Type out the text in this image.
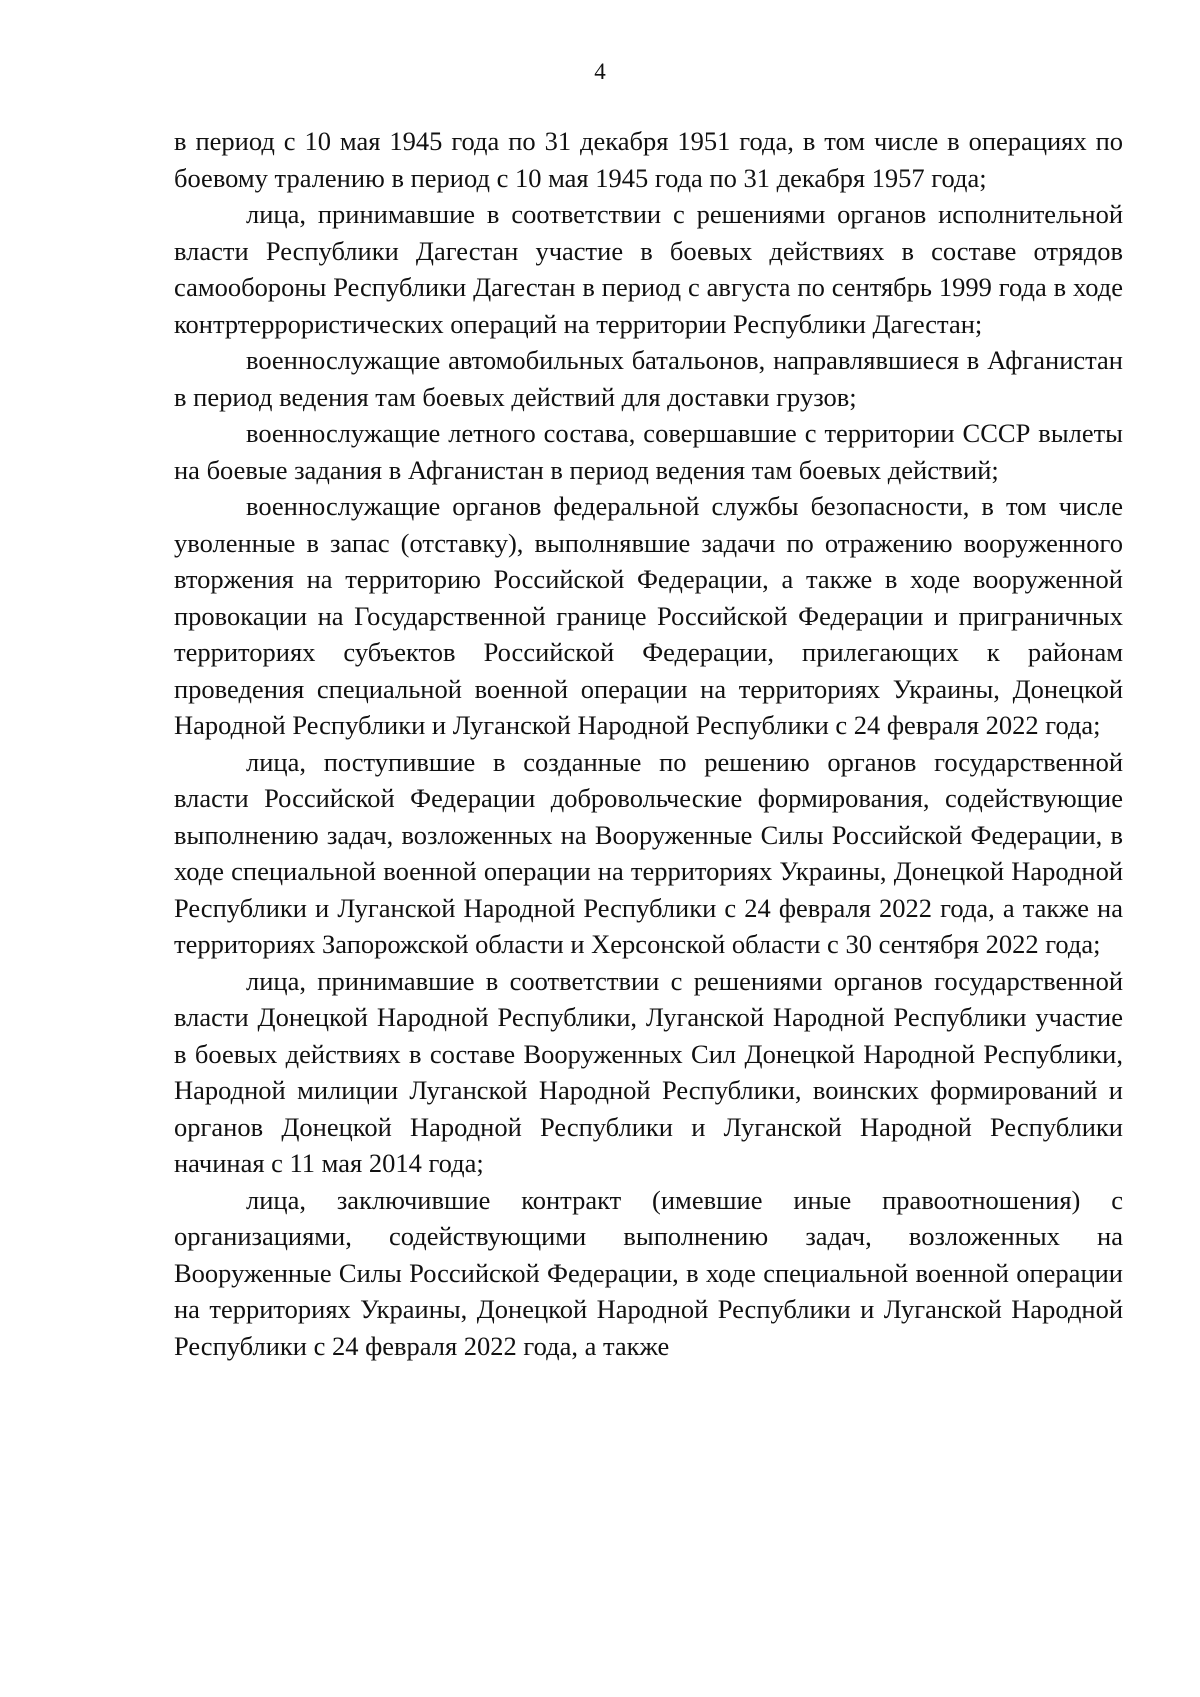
4

в период с 10 мая 1945 года по 31 декабря 1951 года, в том числе в операциях по боевому тралению в период с 10 мая 1945 года по 31 декабря 1957 года;

лица, принимавшие в соответствии с решениями органов исполнительной власти Республики Дагестан участие в боевых действиях в составе отрядов самообороны Республики Дагестан в период с августа по сентябрь 1999 года в ходе контртеррористических операций на территории Республики Дагестан;

военнослужащие автомобильных батальонов, направлявшиеся в Афганистан в период ведения там боевых действий для доставки грузов;

военнослужащие летного состава, совершавшие с территории СССР вылеты на боевые задания в Афганистан в период ведения там боевых действий;

военнослужащие органов федеральной службы безопасности, в том числе уволенные в запас (отставку), выполнявшие задачи по отражению вооруженного вторжения на территорию Российской Федерации, а также в ходе вооруженной провокации на Государственной границе Российской Федерации и приграничных территориях субъектов Российской Федерации, прилегающих к районам проведения специальной военной операции на территориях Украины, Донецкой Народной Республики и Луганской Народной Республики с 24 февраля 2022 года;

лица, поступившие в созданные по решению органов государственной власти Российской Федерации добровольческие формирования, содействующие выполнению задач, возложенных на Вооруженные Силы Российской Федерации, в ходе специальной военной операции на территориях Украины, Донецкой Народной Республики и Луганской Народной Республики с 24 февраля 2022 года, а также на территориях Запорожской области и Херсонской области с 30 сентября 2022 года;

лица, принимавшие в соответствии с решениями органов государственной власти Донецкой Народной Республики, Луганской Народной Республики участие в боевых действиях в составе Вооруженных Сил Донецкой Народной Республики, Народной милиции Луганской Народной Республики, воинских формирований и органов Донецкой Народной Республики и Луганской Народной Республики начиная с 11 мая 2014 года;

лица, заключившие контракт (имевшие иные правоотношения) с организациями, содействующими выполнению задач, возложенных на Вооруженные Силы Российской Федерации, в ходе специальной военной операции на территориях Украины, Донецкой Народной Республики и Луганской Народной Республики с 24 февраля 2022 года, а также
